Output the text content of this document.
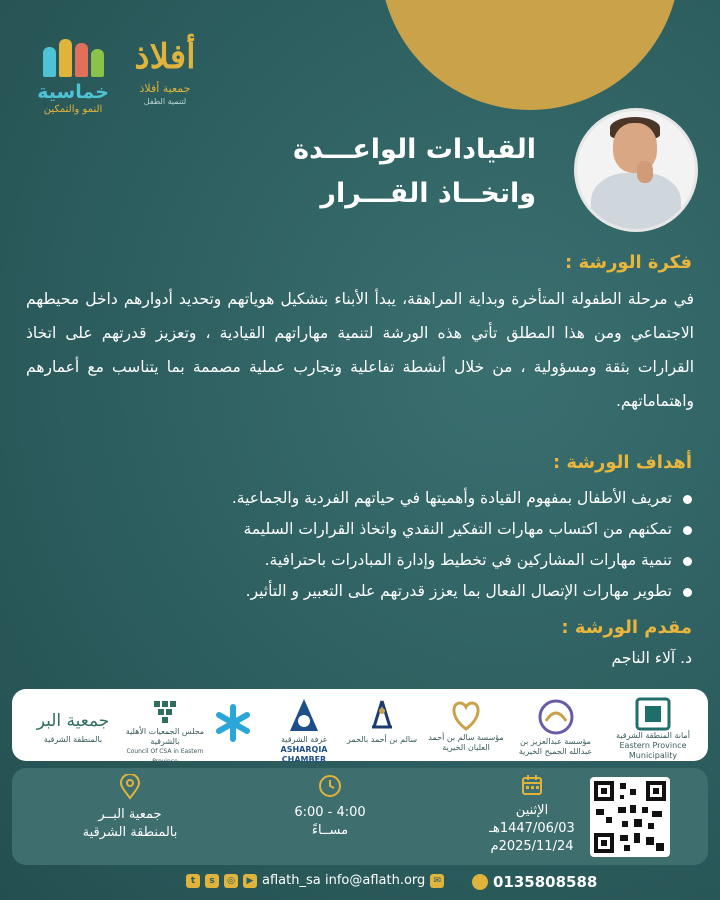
خماسية
النمو والتمكين
أفلاذ
جمعية أفلاذ
لتنمية الطفل
القيادات الواعـــدة
واتخــاذ القـــرار
فكرة الورشة :
في مرحلة الطفولة المتأخرة وبداية المراهقة، يبدأ الأبناء بتشكيل هوياتهم وتحديد أدوارهم داخل محيطهم الاجتماعي ومن هذا المطلق تأتي هذه الورشة لتنمية مهاراتهم القيادية ، وتعزيز قدرتهم على اتخاذ القرارات بثقة ومسؤولية ، من خلال أنشطة تفاعلية وتجارب عملية مصممة بما يتناسب مع أعمارهم واهتماماتهم.
أهداف الورشة :
تعريف الأطفال بمفهوم القيادة وأهميتها في حياتهم الفردية والجماعية.
تمكنهم من اكتساب مهارات التفكير النقدي واتخاذ القرارات السليمة
تنمية مهارات المشاركين في تخطيط وإدارة المبادرات باحترافية.
تطوير مهارات الإتصال الفعال بما يعزز قدرتهم على التعبير و التأثير.
مقدم الورشة :
د. آلاء الناجم
أمانة المنطقة الشرقية
Eastern Province Municipality
مؤسسة عبدالعزيز بن عبدالله الجميح الخيرية
مؤسسة سالم بن أحمد العليان الخيرية
سالم بن أحمد بالحمر
غرفة الشرقية
ASHARQIA CHAMBER
مجلس الجمعيات الأهلية بالشرقية
Council Of CSA in Eastern Province
جمعية البر
بالمنطقة الشرقية
الإثنين
1447/06/03هـ
2025/11/24م
6:00 - 4:00
مســاءً
جمعية البــر
بالمنطقة الشرقية
t	s	◎	▶ aflath_sa info@aflath.org ✉	0135808588
